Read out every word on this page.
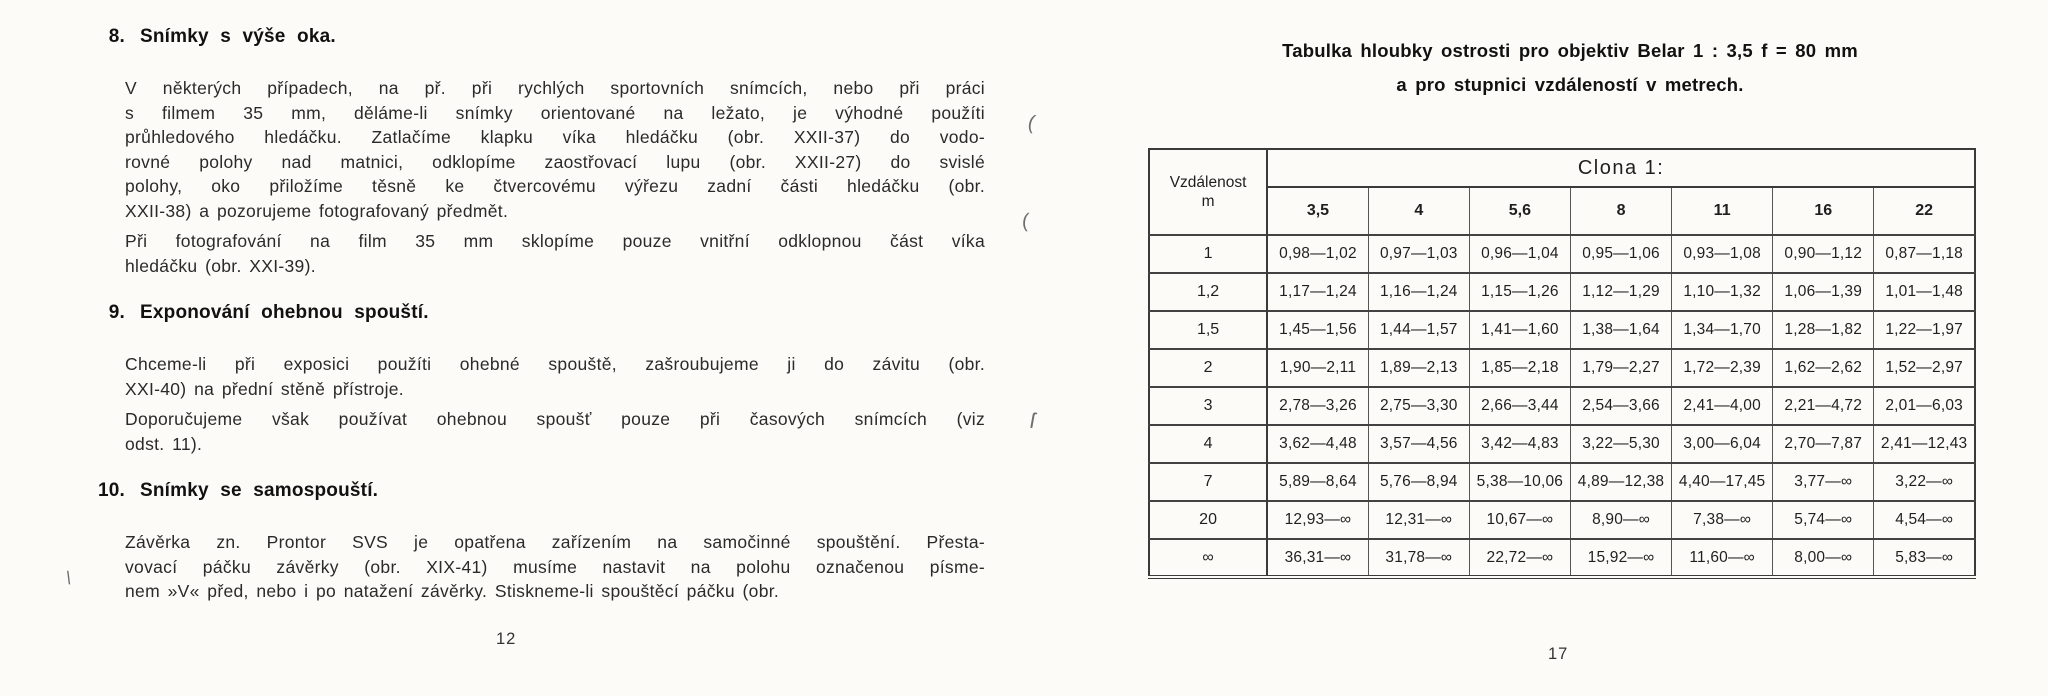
8. Snímky s výše oka.
V některých případech, na př. při rychlých sportovních snímcích, nebo při práci
s filmem 35 mm, děláme-li snímky orientované na ležato, je výhodné použíti
průhledového hledáčku. Zatlačíme klapku víka hledáčku (obr. XXII-37) do vodo-
rovné polohy nad matnici, odklopíme zaostřovací lupu (obr. XXII-27) do svislé
polohy, oko přiložíme těsně ke čtvercovému výřezu zadní části hledáčku (obr.
XXII-38) a pozorujeme fotografovaný předmět.
Při fotografování na film 35 mm sklopíme pouze vnitřní odklopnou část víka
hledáčku (obr. XXI-39).
9. Exponování ohebnou spouští.
Chceme-li při exposici použíti ohebné spouště, zašroubujeme ji do závitu (obr.
XXI-40) na přední stěně přístroje.
Doporučujeme však používat ohebnou spoušť pouze při časových snímcích (viz
odst. 11).
10. Snímky se samospouští.
Závěrka zn. Prontor SVS je opatřena zařízením na samočinné spouštění. Přesta-
vovací páčku závěrky (obr. XIX-41) musíme nastavit na polohu označenou písme-
nem »V« před, nebo i po natažení závěrky. Stiskneme-li spouštěcí páčku (obr.
12
Tabulka hloubky ostrosti pro objektiv Belar 1 : 3,5 f = 80 mm
a pro stupnici vzdáleností v metrech.
Vzdálenost
m	Clona 1:						
	3,5	4	5,6	8	11	16	22
1	0,98—1,02	0,97—1,03	0,96—1,04	0,95—1,06	0,93—1,08	0,90—1,12	0,87—1,18
1,2	1,17—1,24	1,16—1,24	1,15—1,26	1,12—1,29	1,10—1,32	1,06—1,39	1,01—1,48
1,5	1,45—1,56	1,44—1,57	1,41—1,60	1,38—1,64	1,34—1,70	1,28—1,82	1,22—1,97
2	1,90—2,11	1,89—2,13	1,85—2,18	1,79—2,27	1,72—2,39	1,62—2,62	1,52—2,97
3	2,78—3,26	2,75—3,30	2,66—3,44	2,54—3,66	2,41—4,00	2,21—4,72	2,01—6,03
4	3,62—4,48	3,57—4,56	3,42—4,83	3,22—5,30	3,00—6,04	2,70—7,87	2,41—12,43
7	5,89—8,64	5,76—8,94	5,38—10,06	4,89—12,38	4,40—17,45	3,77—∞	3,22—∞
20	12,93—∞	12,31—∞	10,67—∞	8,90—∞	7,38—∞	5,74—∞	4,54—∞
∞	36,31—∞	31,78—∞	22,72—∞	15,92—∞	11,60—∞	8,00—∞	5,83—∞
17
(
(
ſ
\
